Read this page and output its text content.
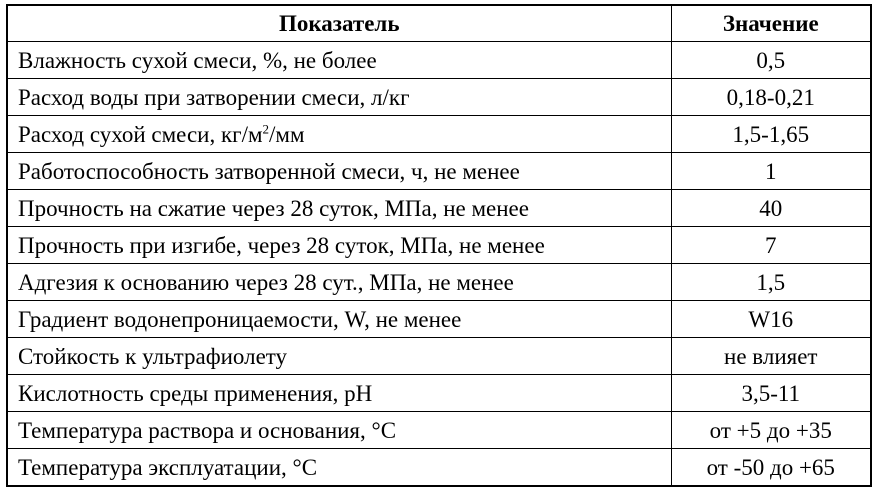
Показатель	Значение
Влажность сухой смеси, %, не более	0,5
Расход воды при затворении смеси, л/кг	0,18-0,21
Расход сухой смеси, $кг/м^2/мм$	1,5-1,65
Работоспособность затворенной смеси, ч, не менее	1
Прочность на сжатие через 28 суток, МПа, не менее	40
Прочность при изгибе, через 28 суток, МПа, не менее	7
Адгезия к основанию через 28 сут., МПа, не менее	1,5
Градиент водонепроницаемости, W, не менее	W16
Стойкость к ультрафиолету	не влияет
Кислотность среды применения, pH	3,5-11
Температура раствора и основания, °C	от +5 до +35
Температура эксплуатации, °C	от -50 до +65
